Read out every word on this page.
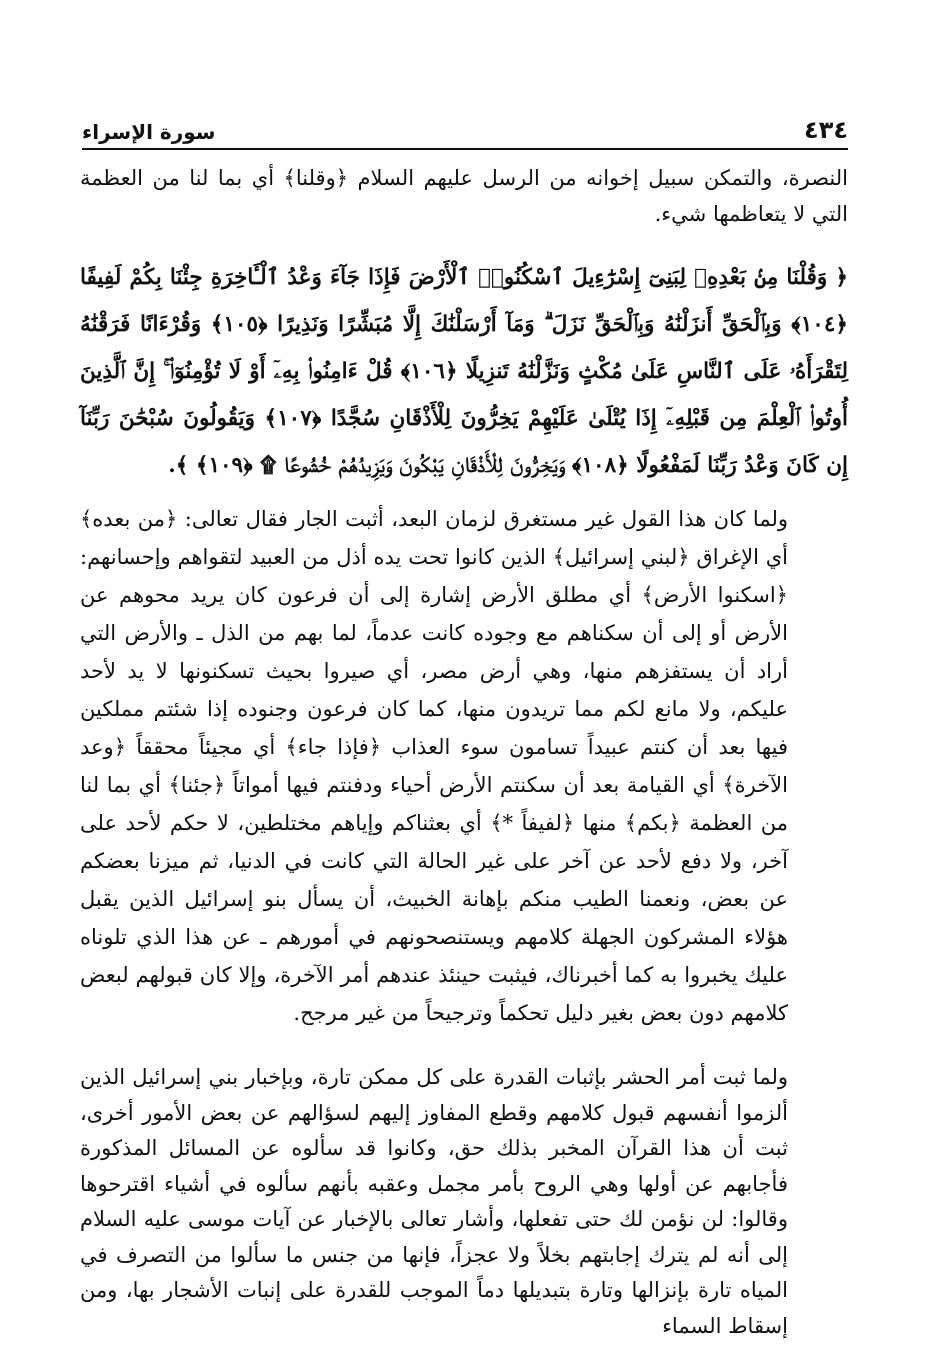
سورة الإسراء	٤٣٤
النصرة، والتمكن سبيل إخوانه من الرسل عليهم السلام ﴿وقلنا﴾ أي بما لنا من العظمة التي لا يتعاظمها شيء.
﴿ وَقُلْنَا مِنۢ بَعْدِهِۦ لِبَنِىٓ إِسْرَٰٓءِيلَ ٱسْكُنُوا۟ ٱلْأَرْضَ فَإِذَا جَآءَ وَعْدُ ٱلْـَٔاخِرَةِ جِئْنَا بِكُمْ لَفِيفًا ﴿١٠٤﴾ وَبِٱلْحَقِّ أَنزَلْنَٰهُ وَبِٱلْحَقِّ نَزَلَ ۗ وَمَآ أَرْسَلْنَٰكَ إِلَّا مُبَشِّرًا وَنَذِيرًا ﴿١٠٥﴾ وَقُرْءَانًا فَرَقْنَٰهُ لِتَقْرَأَهُۥ عَلَى ٱلنَّاسِ عَلَىٰ مُكْثٍ وَنَزَّلْنَٰهُ تَنزِيلًا ﴿١٠٦﴾ قُلْ ءَامِنُوا۟ بِهِۦٓ أَوْ لَا تُؤْمِنُوٓا۟ ۚ إِنَّ ٱلَّذِينَ أُوتُوا۟ ٱلْعِلْمَ مِن قَبْلِهِۦٓ إِذَا يُتْلَىٰ عَلَيْهِمْ يَخِرُّونَ لِلْأَذْقَانِ سُجَّدًا ﴿١٠٧﴾ وَيَقُولُونَ سُبْحَٰنَ رَبِّنَآ إِن كَانَ وَعْدُ رَبِّنَا لَمَفْعُولًا ﴿١٠٨﴾ وَيَخِرُّونَ لِلْأَذْقَانِ يَبْكُونَ وَيَزِيدُهُمْ خُشُوعًا ۩ ﴿١٠٩﴾ ﴾.
ولما كان هذا القول غير مستغرق لزمان البعد، أثبت الجار فقال تعالى: ﴿من بعده﴾ أي الإغراق ﴿لبني إسرائيل﴾ الذين كانوا تحت يده أذل من العبيد لتقواهم وإحسانهم: ﴿اسكنوا الأرض﴾ أي مطلق الأرض إشارة إلى أن فرعون كان يريد محوهم عن الأرض أو إلى أن سكناهم مع وجوده كانت عدماً، لما بهم من الذل ـ والأرض التي أراد أن يستفزهم منها، وهي أرض مصر، أي صيروا بحيث تسكنونها لا يد لأحد عليكم، ولا مانع لكم مما تريدون منها، كما كان فرعون وجنوده إذا شئتم مملكين فيها بعد أن كنتم عبيداً تسامون سوء العذاب ﴿فإذا جاء﴾ أي مجيئاً محققاً ﴿وعد الآخرة﴾ أي القيامة بعد أن سكنتم الأرض أحياء ودفنتم فيها أمواتاً ﴿جئنا﴾ أي بما لنا من العظمة ﴿بكم﴾ منها ﴿لفيفاً *﴾ أي بعثناكم وإياهم مختلطين، لا حكم لأحد على آخر، ولا دفع لأحد عن آخر على غير الحالة التي كانت في الدنيا، ثم ميزنا بعضكم عن بعض، ونعمنا الطيب منكم بإهانة الخبيث، أن يسأل بنو إسرائيل الذين يقبل هؤلاء المشركون الجهلة كلامهم ويستنصحونهم في أمورهم ـ عن هذا الذي تلوناه عليك يخبروا به كما أخبرناك، فيثبت حينئذ عندهم أمر الآخرة، وإلا كان قبولهم لبعض كلامهم دون بعض بغير دليل تحكماً وترجيحاً من غير مرجح.
ولما ثبت أمر الحشر بإثبات القدرة على كل ممكن تارة، وبإخبار بني إسرائيل الذين ألزموا أنفسهم قبول كلامهم وقطع المفاوز إليهم لسؤالهم عن بعض الأمور أخرى، ثبت أن هذا القرآن المخبر بذلك حق، وكانوا قد سألوه عن المسائل المذكورة فأجابهم عن أولها وهي الروح بأمر مجمل وعقبه بأنهم سألوه في أشياء اقترحوها وقالوا: لن نؤمن لك حتى تفعلها، وأشار تعالى بالإخبار عن آيات موسى عليه السلام إلى أنه لم يترك إجابتهم بخلاً ولا عجزاً، فإنها من جنس ما سألوا من التصرف في المياه تارة بإنزالها وتارة بتبديلها دماً الموجب للقدرة على إنبات الأشجار بها، ومن إسقاط السماء
